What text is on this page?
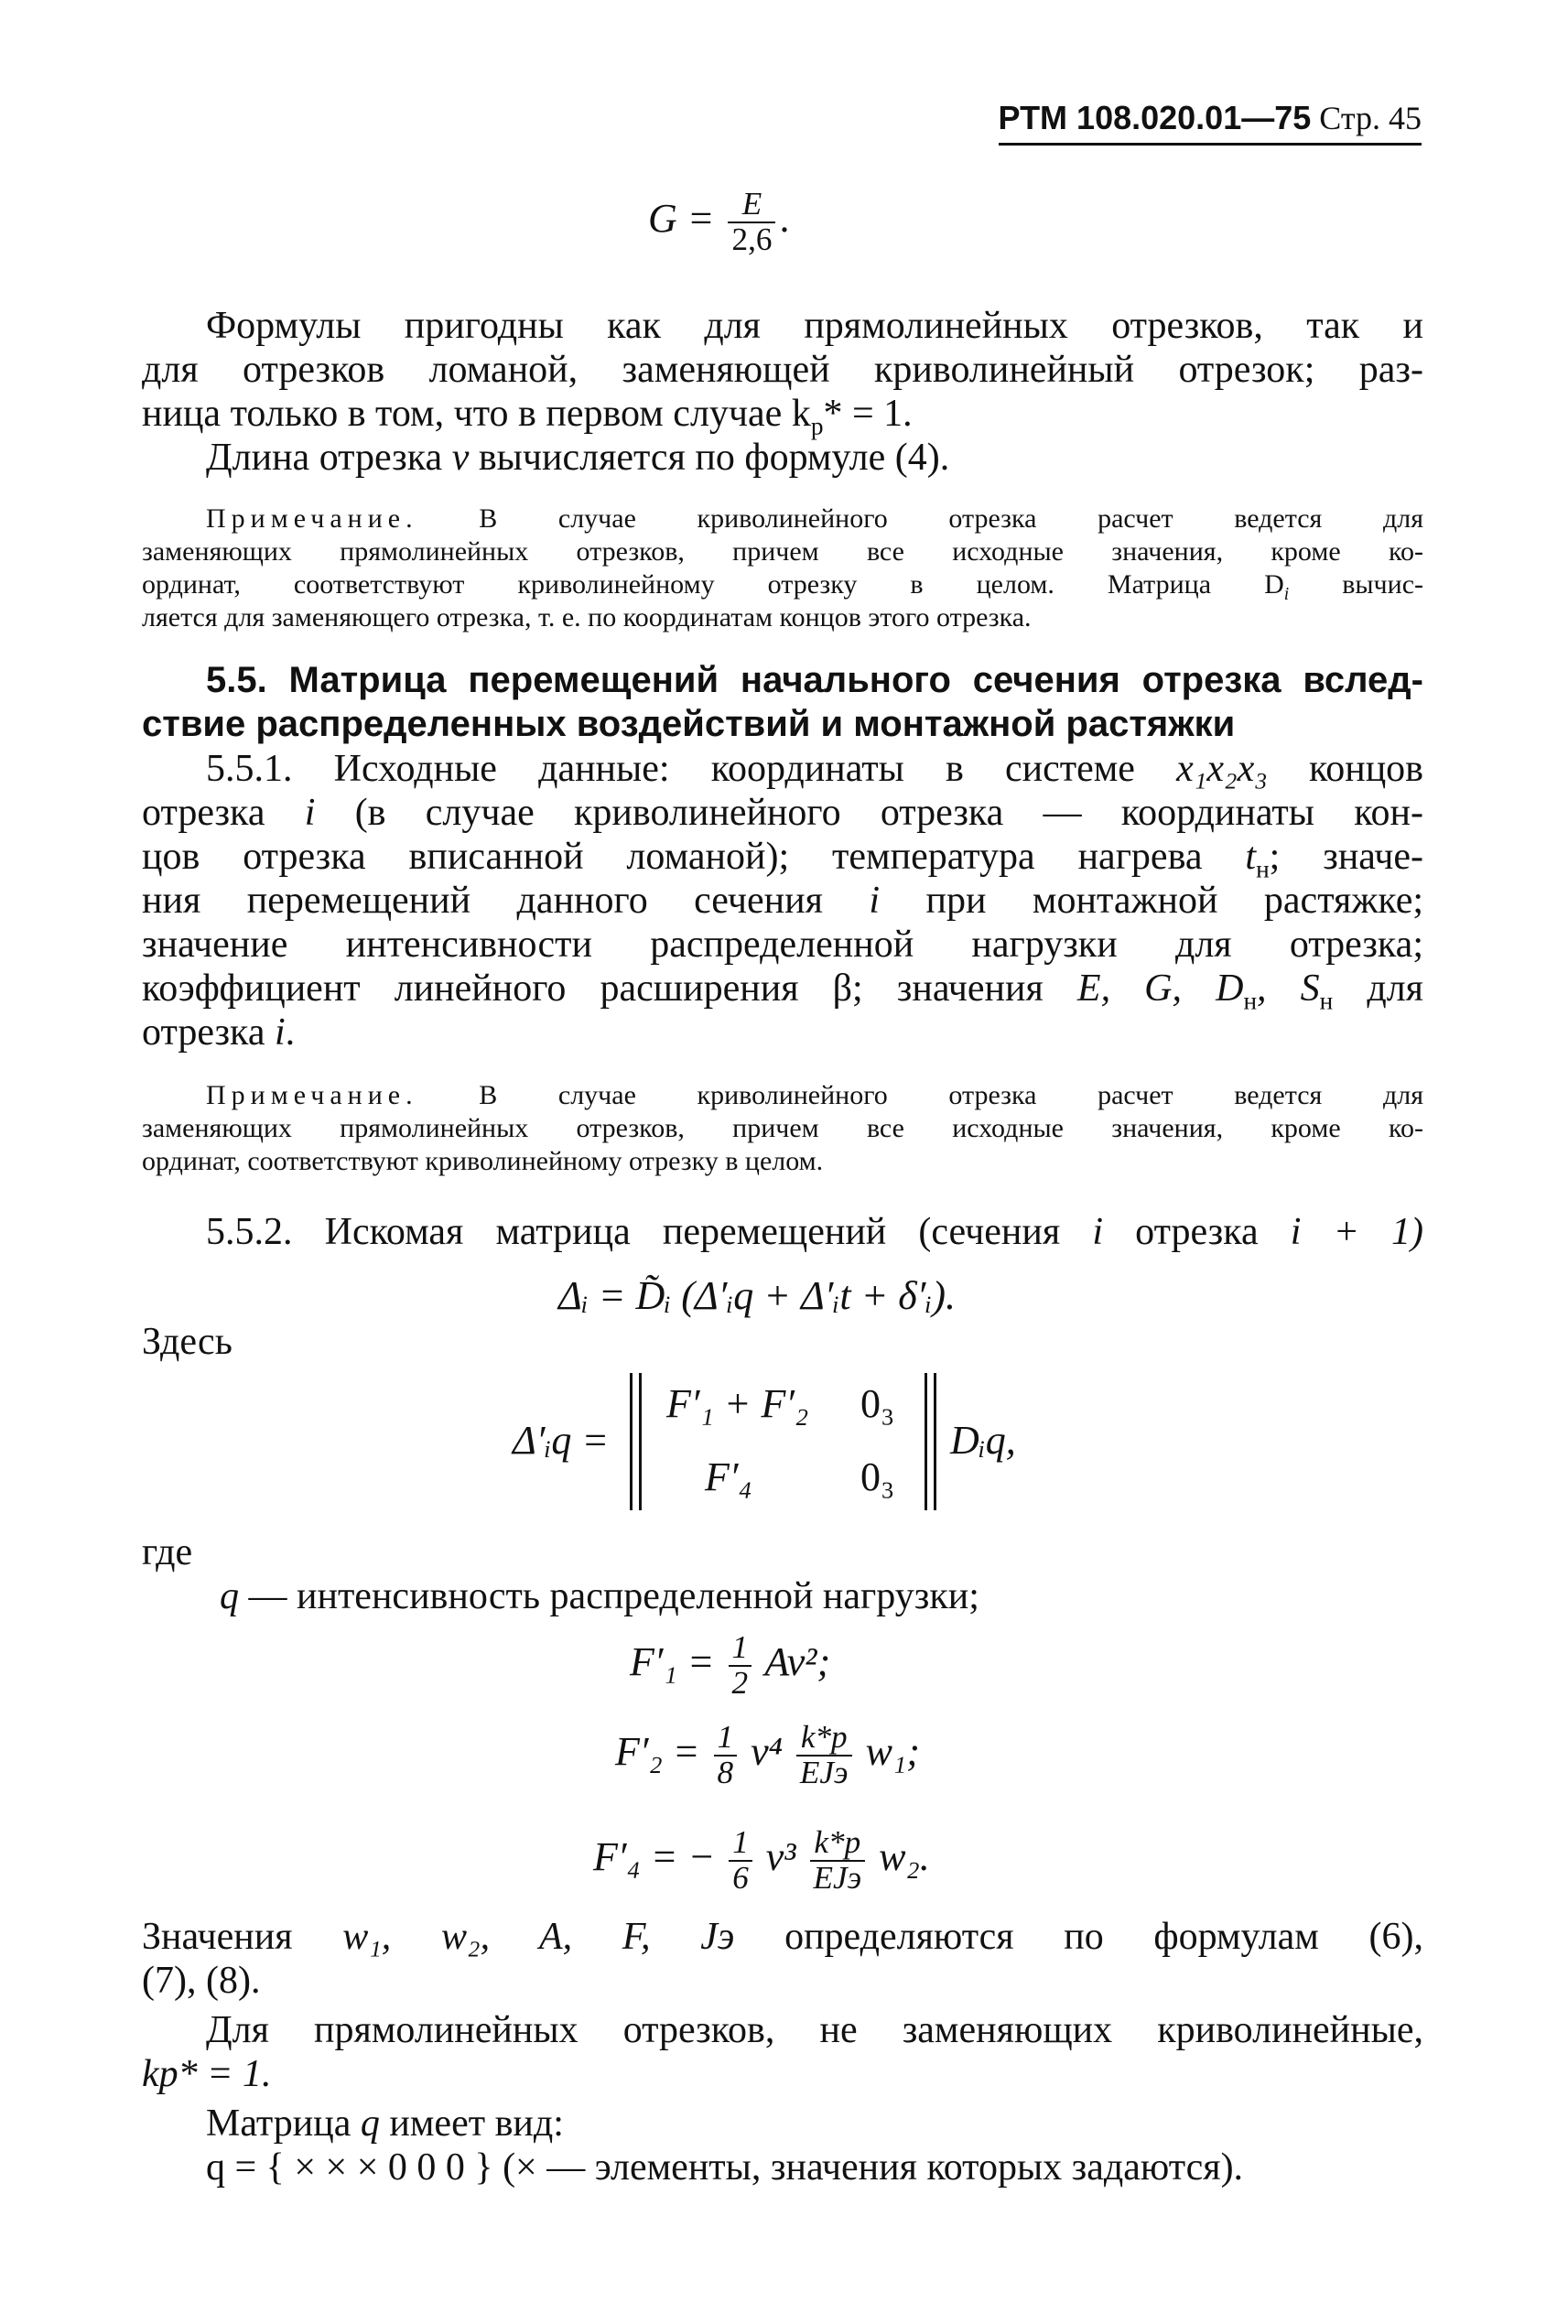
РТМ 108.020.01—75 Стр. 45
$G = \frac{E}{2,6}$ .
Формулы пригодны как для прямолинейных отрезков, так и
для отрезков ломаной, заменяющей криволинейный отрезок; раз-
ница только в том, что в первом случае $k_р* = 1$.
Длина отрезка v вычисляется по формуле (4).
Примечание. В случае криволинейного отрезка расчет ведется для
заменяющих прямолинейных отрезков, причем все исходные значения, кроме ко-
ординат, соответствуют криволинейному отрезку в целом. Матрица $D_i$ вычис-
ляется для заменяющего отрезка, т. е. по координатам концов этого отрезка.
5.5. Матрица перемещений начального сечения отрезка вслед-
ствие распределенных воздействий и монтажной растяжки
5.5.1. Исходные данные: координаты в системе x₁x₂x₃ концов
отрезка i (в случае криволинейного отрезка — координаты кон-
цов отрезка вписанной ломаной); температура нагрева $t_н$; значе-
ния перемещений данного сечения i при монтажной растяжке;
значение интенсивности распределенной нагрузки для отрезка;
коэффициент линейного расширения β; значения E, G, $D_н$, $S_н$ для
отрезка i.
Примечание. В случае криволинейного отрезка расчет ведется для
заменяющих прямолинейных отрезков, причем все исходные значения, кроме ко-
ординат, соответствуют криволинейному отрезку в целом.
5.5.2. Искомая матрица перемещений (сечения i отрезка i + 1)
Δᵢ = D̃ᵢ (Δ′ᵢq + Δ′ᵢt + δ′ᵢ).
Здесь
Δ′ᵢq =
F′₁ + F′₂ 0₃
F′₄	0₃
Dᵢq,
где
q — интенсивность распределенной нагрузки;
$F'_1 = \frac{1}{2} Av^2$;
$F'_2 = \frac{1}{8} v^4 \frac{k*р}{\text{EJэ}} w_1$;
F′₄ = − $\frac{1}{6} v^3 \frac{k*р}{\text{EJэ}} w_2$.
Значения w₁, w₂, A, F, Jэ определяются по формулам (6),
(7), (8).
Для прямолинейных отрезков, не заменяющих криволинейные,
kр* = 1.
Матрица q имеет вид:
q = { × × × 0 0 0 } (× — элементы, значения которых задаются).
